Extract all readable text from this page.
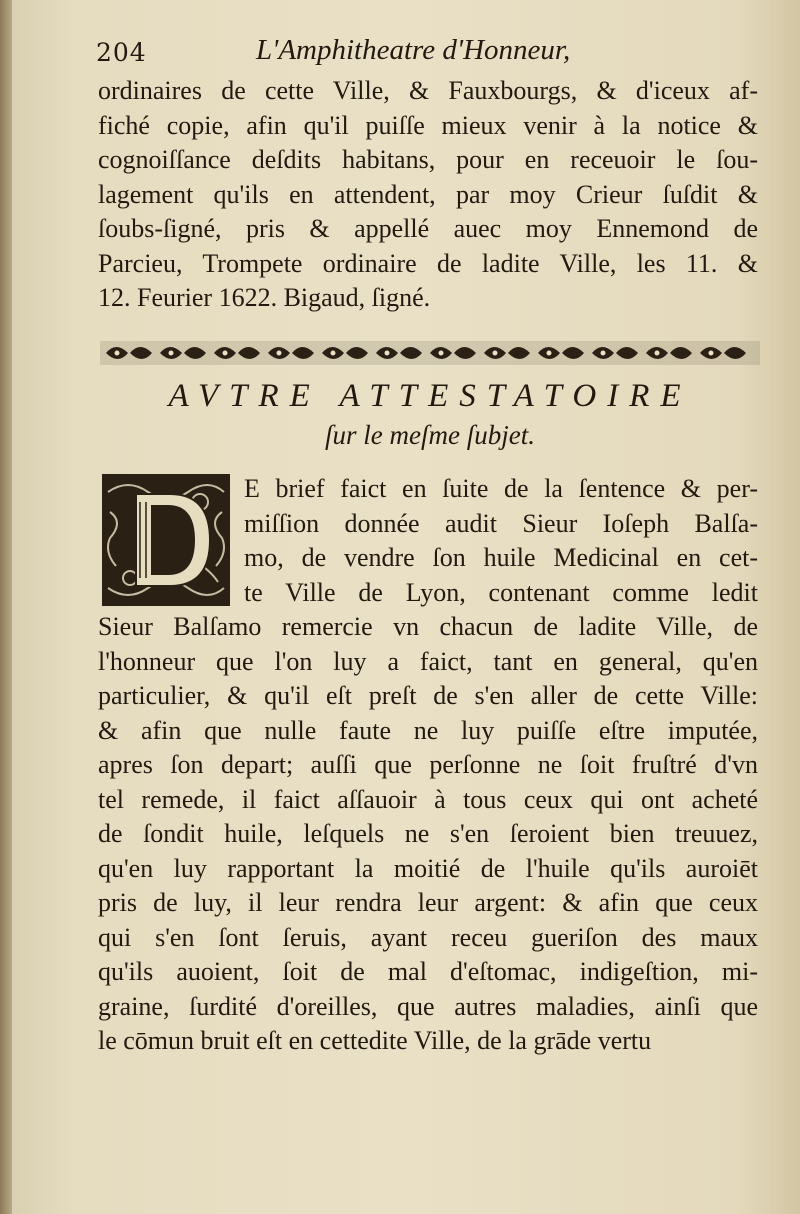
204	L'Amphitheatre d'Honneur,
ordinaires de cette Ville, & Fauxbourgs, & d'iceux af-
fiché copie, afin qu'il puiſſe mieux venir à la notice &
cognoiſſance deſdits habitans, pour en receuoir le ſou-
lagement qu'ils en attendent, par moy Crieur ſuſdit &
ſoubs-ſigné, pris & appellé auec moy Ennemond de
Parcieu, Trompete ordinaire de ladite Ville, les 11. &
12. Feurier 1622. Bigaud, ſigné.
AVTRE ATTESTATOIRE
ſur le meſme ſubjet.
E brief faict en ſuite de la ſentence & per-
miſſion donnée audit Sieur Ioſeph Balſa-
mo, de vendre ſon huile Medicinal en cet-
te Ville de Lyon, contenant comme ledit
Sieur Balſamo remercie vn chacun de ladite Ville, de
l'honneur que l'on luy a faict, tant en general, qu'en
particulier, & qu'il eſt preſt de s'en aller de cette Ville:
& afin que nulle faute ne luy puiſſe eſtre imputée,
apres ſon depart; auſſi que perſonne ne ſoit fruſtré d'vn
tel remede, il faict aſſauoir à tous ceux qui ont acheté
de ſondit huile, leſquels ne s'en ſeroient bien treuuez,
qu'en luy rapportant la moitié de l'huile qu'ils auroiēt
pris de luy, il leur rendra leur argent: & afin que ceux
qui s'en ſont ſeruis, ayant receu gueriſon des maux
qu'ils auoient, ſoit de mal d'eſtomac, indigeſtion, mi-
graine, ſurdité d'oreilles, que autres maladies, ainſi que
le cōmun bruit eſt en cettedite Ville, de la grāde vertu
